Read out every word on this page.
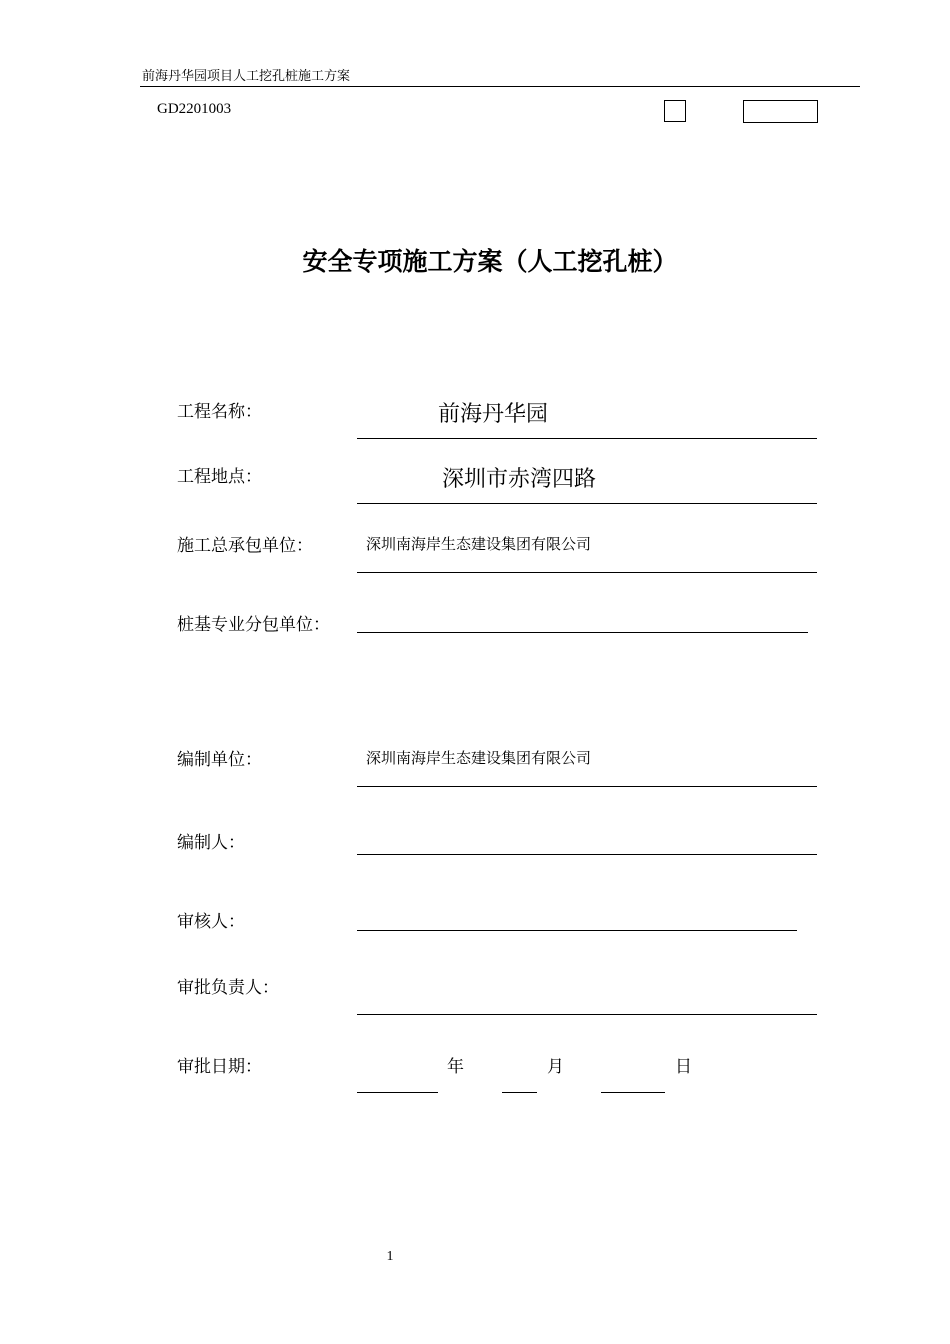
前海丹华园项目人工挖孔桩施工方案
GD2201003
安全专项施工方案（人工挖孔桩）
工程名称：	前海丹华园
工程地点：	深圳市赤湾四路
施工总承包单位：	深圳南海岸生态建设集团有限公司
桩基专业分包单位：
编制单位：	深圳南海岸生态建设集团有限公司
编制人：
审核人：
审批负责人：
审批日期：	年	月	日
1
